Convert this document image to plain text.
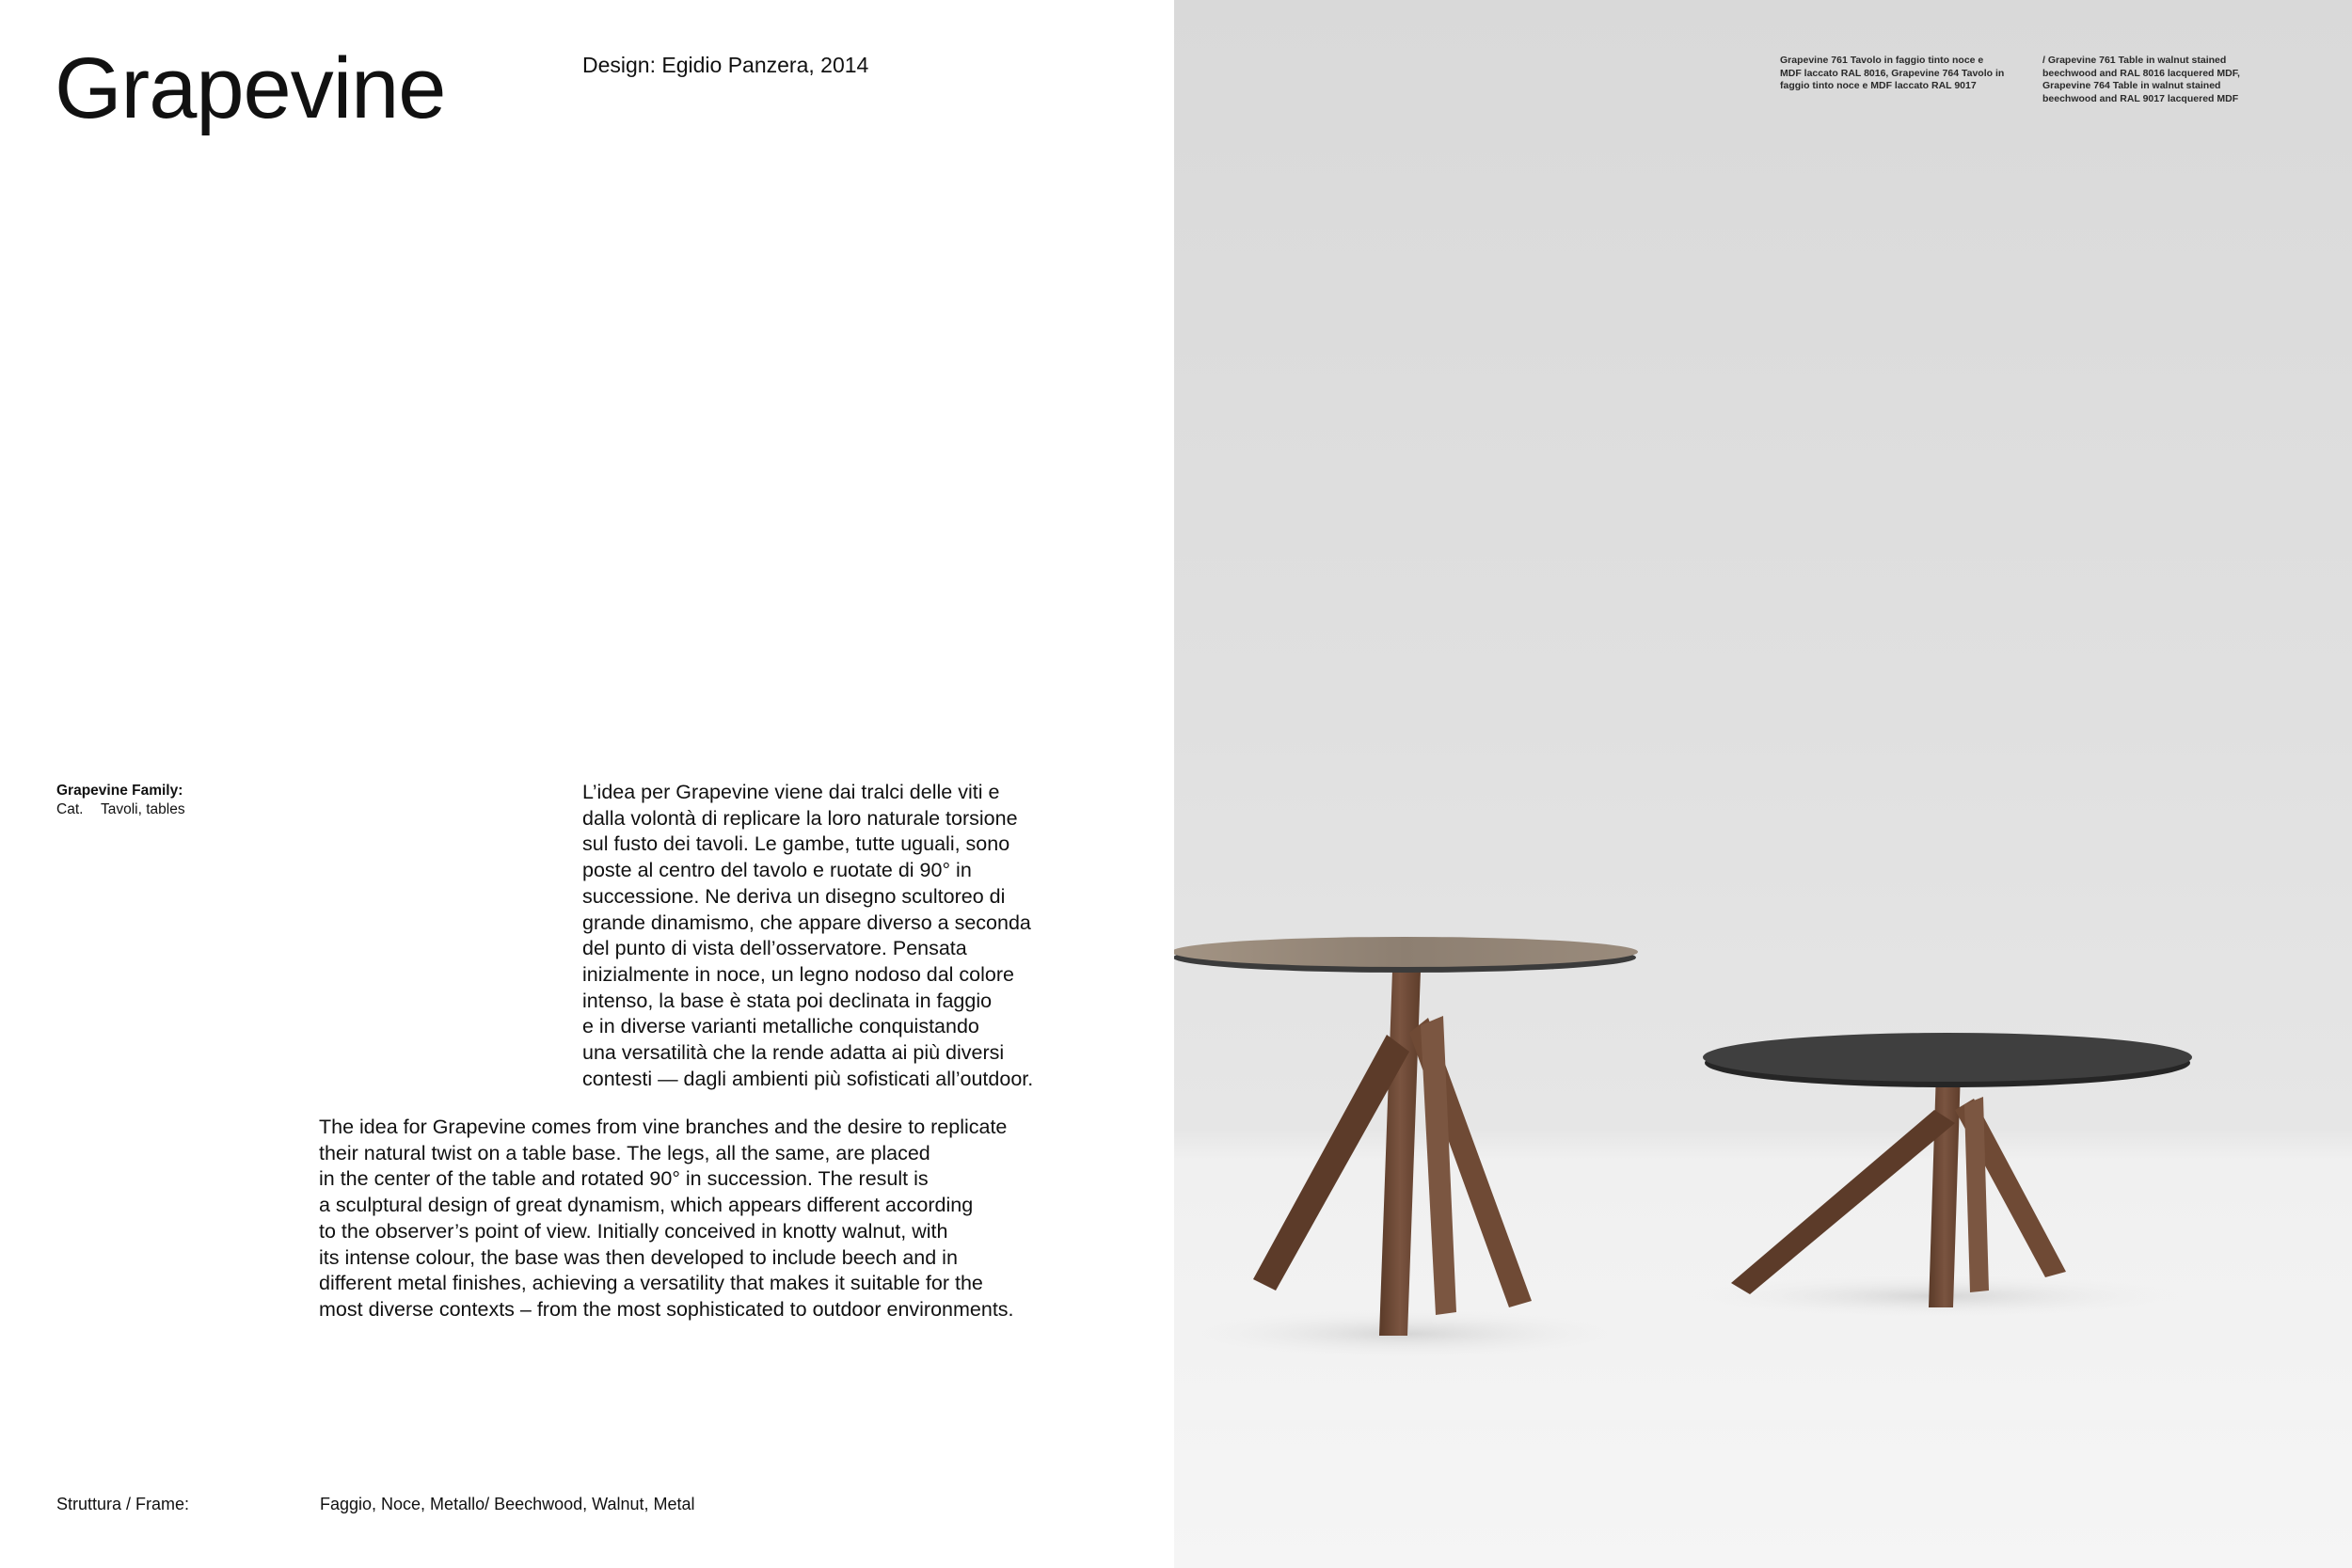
Grapevine	Design: Egidio Panzera, 2014
Grapevine Family:
Cat. Tavoli, tables
L’idea per Grapevine viene dai tralci delle viti e
dalla volontà di replicare la loro naturale torsione
sul fusto dei tavoli. Le gambe, tutte uguali, sono
poste al centro del tavolo e ruotate di 90° in
successione. Ne deriva un disegno scultoreo di
grande dinamismo, che appare diverso a seconda
del punto di vista dell’osservatore. Pensata
inizialmente in noce, un legno nodoso dal colore
intenso, la base è stata poi declinata in faggio
e in diverse varianti metalliche conquistando
una versatilità che la rende adatta ai più diversi
contesti — dagli ambienti più sofisticati all’outdoor.
The idea for Grapevine comes from vine branches and the desire to replicate
their natural twist on a table base. The legs, all the same, are placed
in the center of the table and rotated 90° in succession. The result is
a sculptural design of great dynamism, which appears different according
to the observer’s point of view. Initially conceived in knotty walnut, with
its intense colour, the base was then developed to include beech and in
different metal finishes, achieving a versatility that makes it suitable for the
most diverse contexts – from the most sophisticated to outdoor environments.
Struttura / Frame:	Faggio, Noce, Metallo/ Beechwood, Walnut, Metal
Grapevine 761 Tavolo in faggio tinto noce e
MDF laccato RAL 8016, Grapevine 764 Tavolo in
faggio tinto noce e MDF laccato RAL 9017
/ Grapevine 761 Table in walnut stained
beechwood and RAL 8016 lacquered MDF,
Grapevine 764 Table in walnut stained
beechwood and RAL 9017 lacquered MDF
